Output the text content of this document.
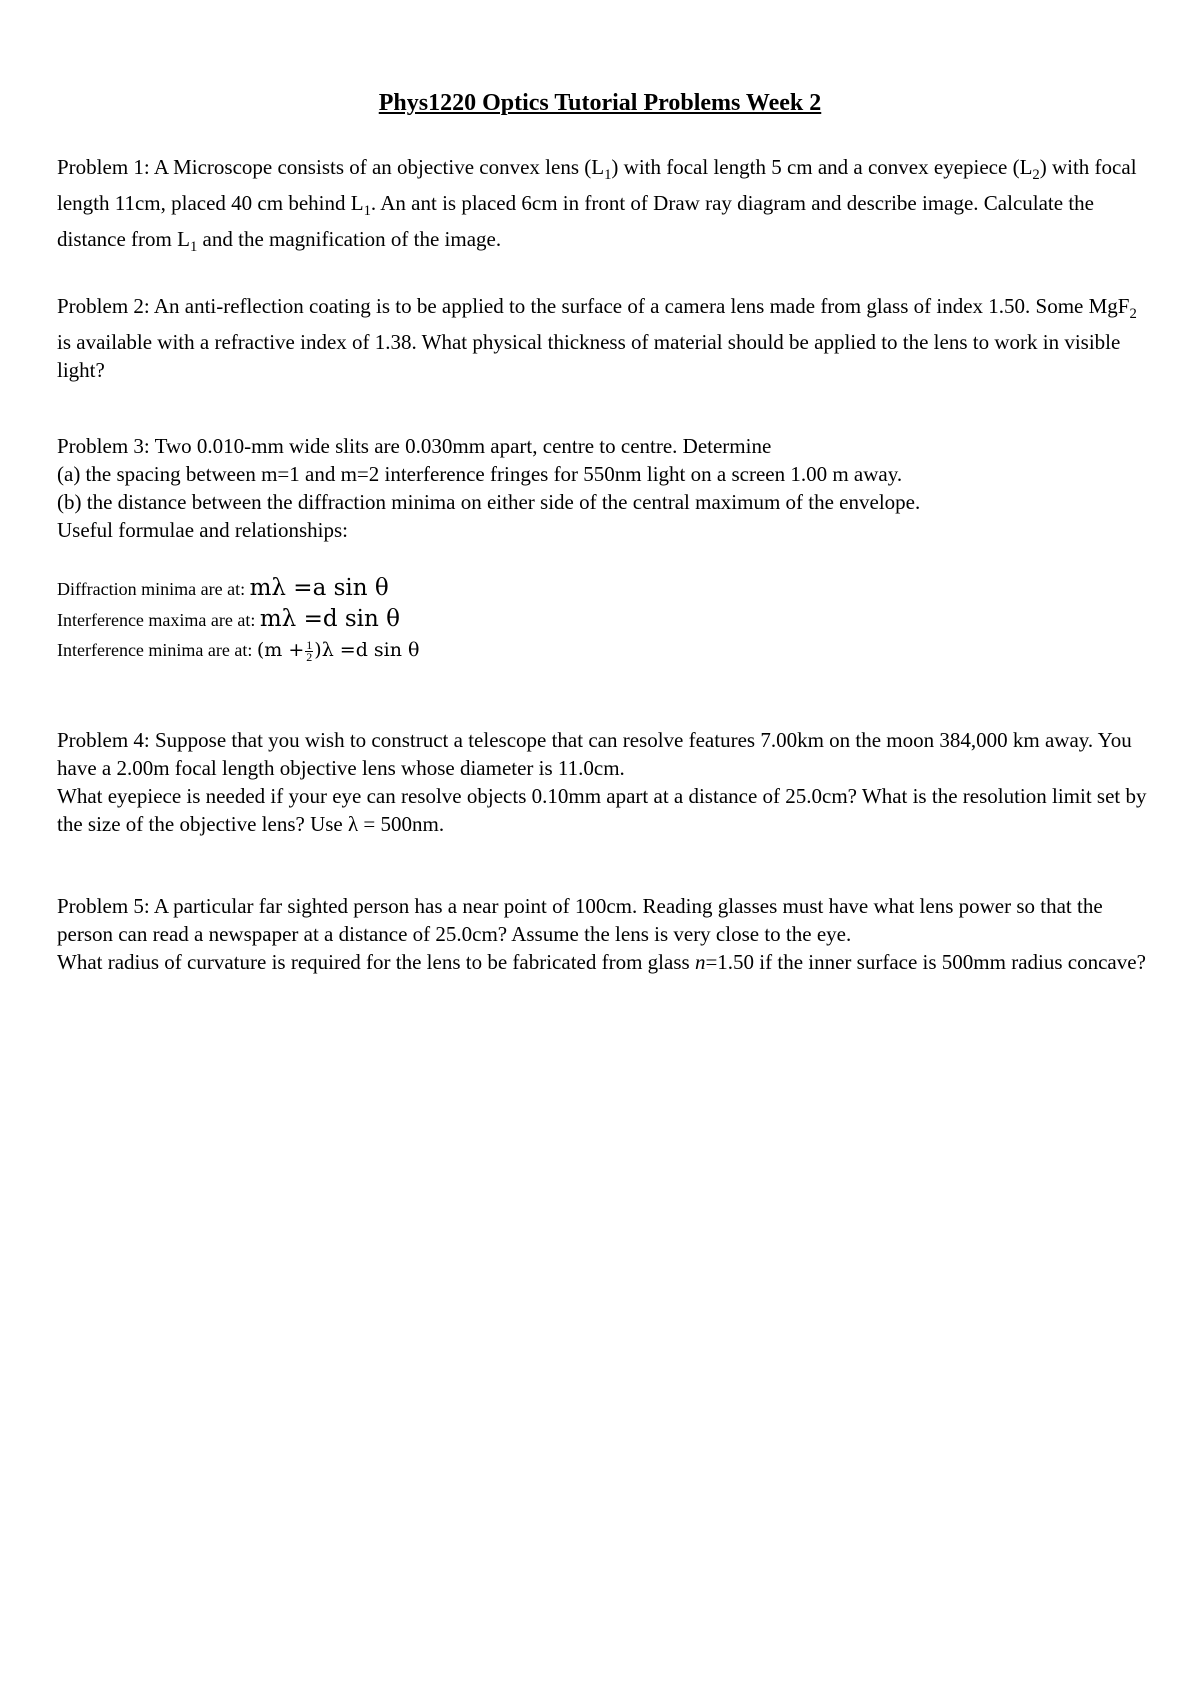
Phys1220 Optics Tutorial Problems Week 2

Problem 1: A Microscope consists of an objective convex lens $(L_1)$ with focal length 5 cm and a convex eyepiece $(L_2)$ with focal length 11cm, placed 40 cm behind $L_1$. An ant is placed 6cm in front of Draw ray diagram and describe image. Calculate the distance from $L_1$ and the magnification of the image.

Problem 2: An anti-reflection coating is to be applied to the surface of a camera lens made from glass of index 1.50. Some MgF$_2$ is available with a refractive index of 1.38. What physical thickness of material should be applied to the lens to work in visible light?

Problem 3: Two 0.010-mm wide slits are 0.030mm apart, centre to centre. Determine

(a) the spacing between m=1 and m=2 interference fringes for 550nm light on a screen 1.00 m away.

(b) the distance between the diffraction minima on either side of the central maximum of the envelope.

Useful formulae and relationships:

Diffraction minima are at: mλ =a sin θ
Interference maxima are at: mλ =d sin θ
Interference minima are at: $(m + \frac{1}{2} )\lambda =d$ sin θ

Problem 4: Suppose that you wish to construct a telescope that can resolve features 7.00km on the moon 384,000 km away. You have a 2.00m focal length objective lens whose diameter is 11.0cm.

What eyepiece is needed if your eye can resolve objects 0.10mm apart at a distance of 25.0cm? What is the resolution limit set by the size of the objective lens? Use λ = 500nm.

Problem 5: A particular far sighted person has a near point of 100cm. Reading glasses must have what lens power so that the person can read a newspaper at a distance of 25.0cm? Assume the lens is very close to the eye.

What radius of curvature is required for the lens to be fabricated from glass n=1.50 if the inner surface is 500mm radius concave?
